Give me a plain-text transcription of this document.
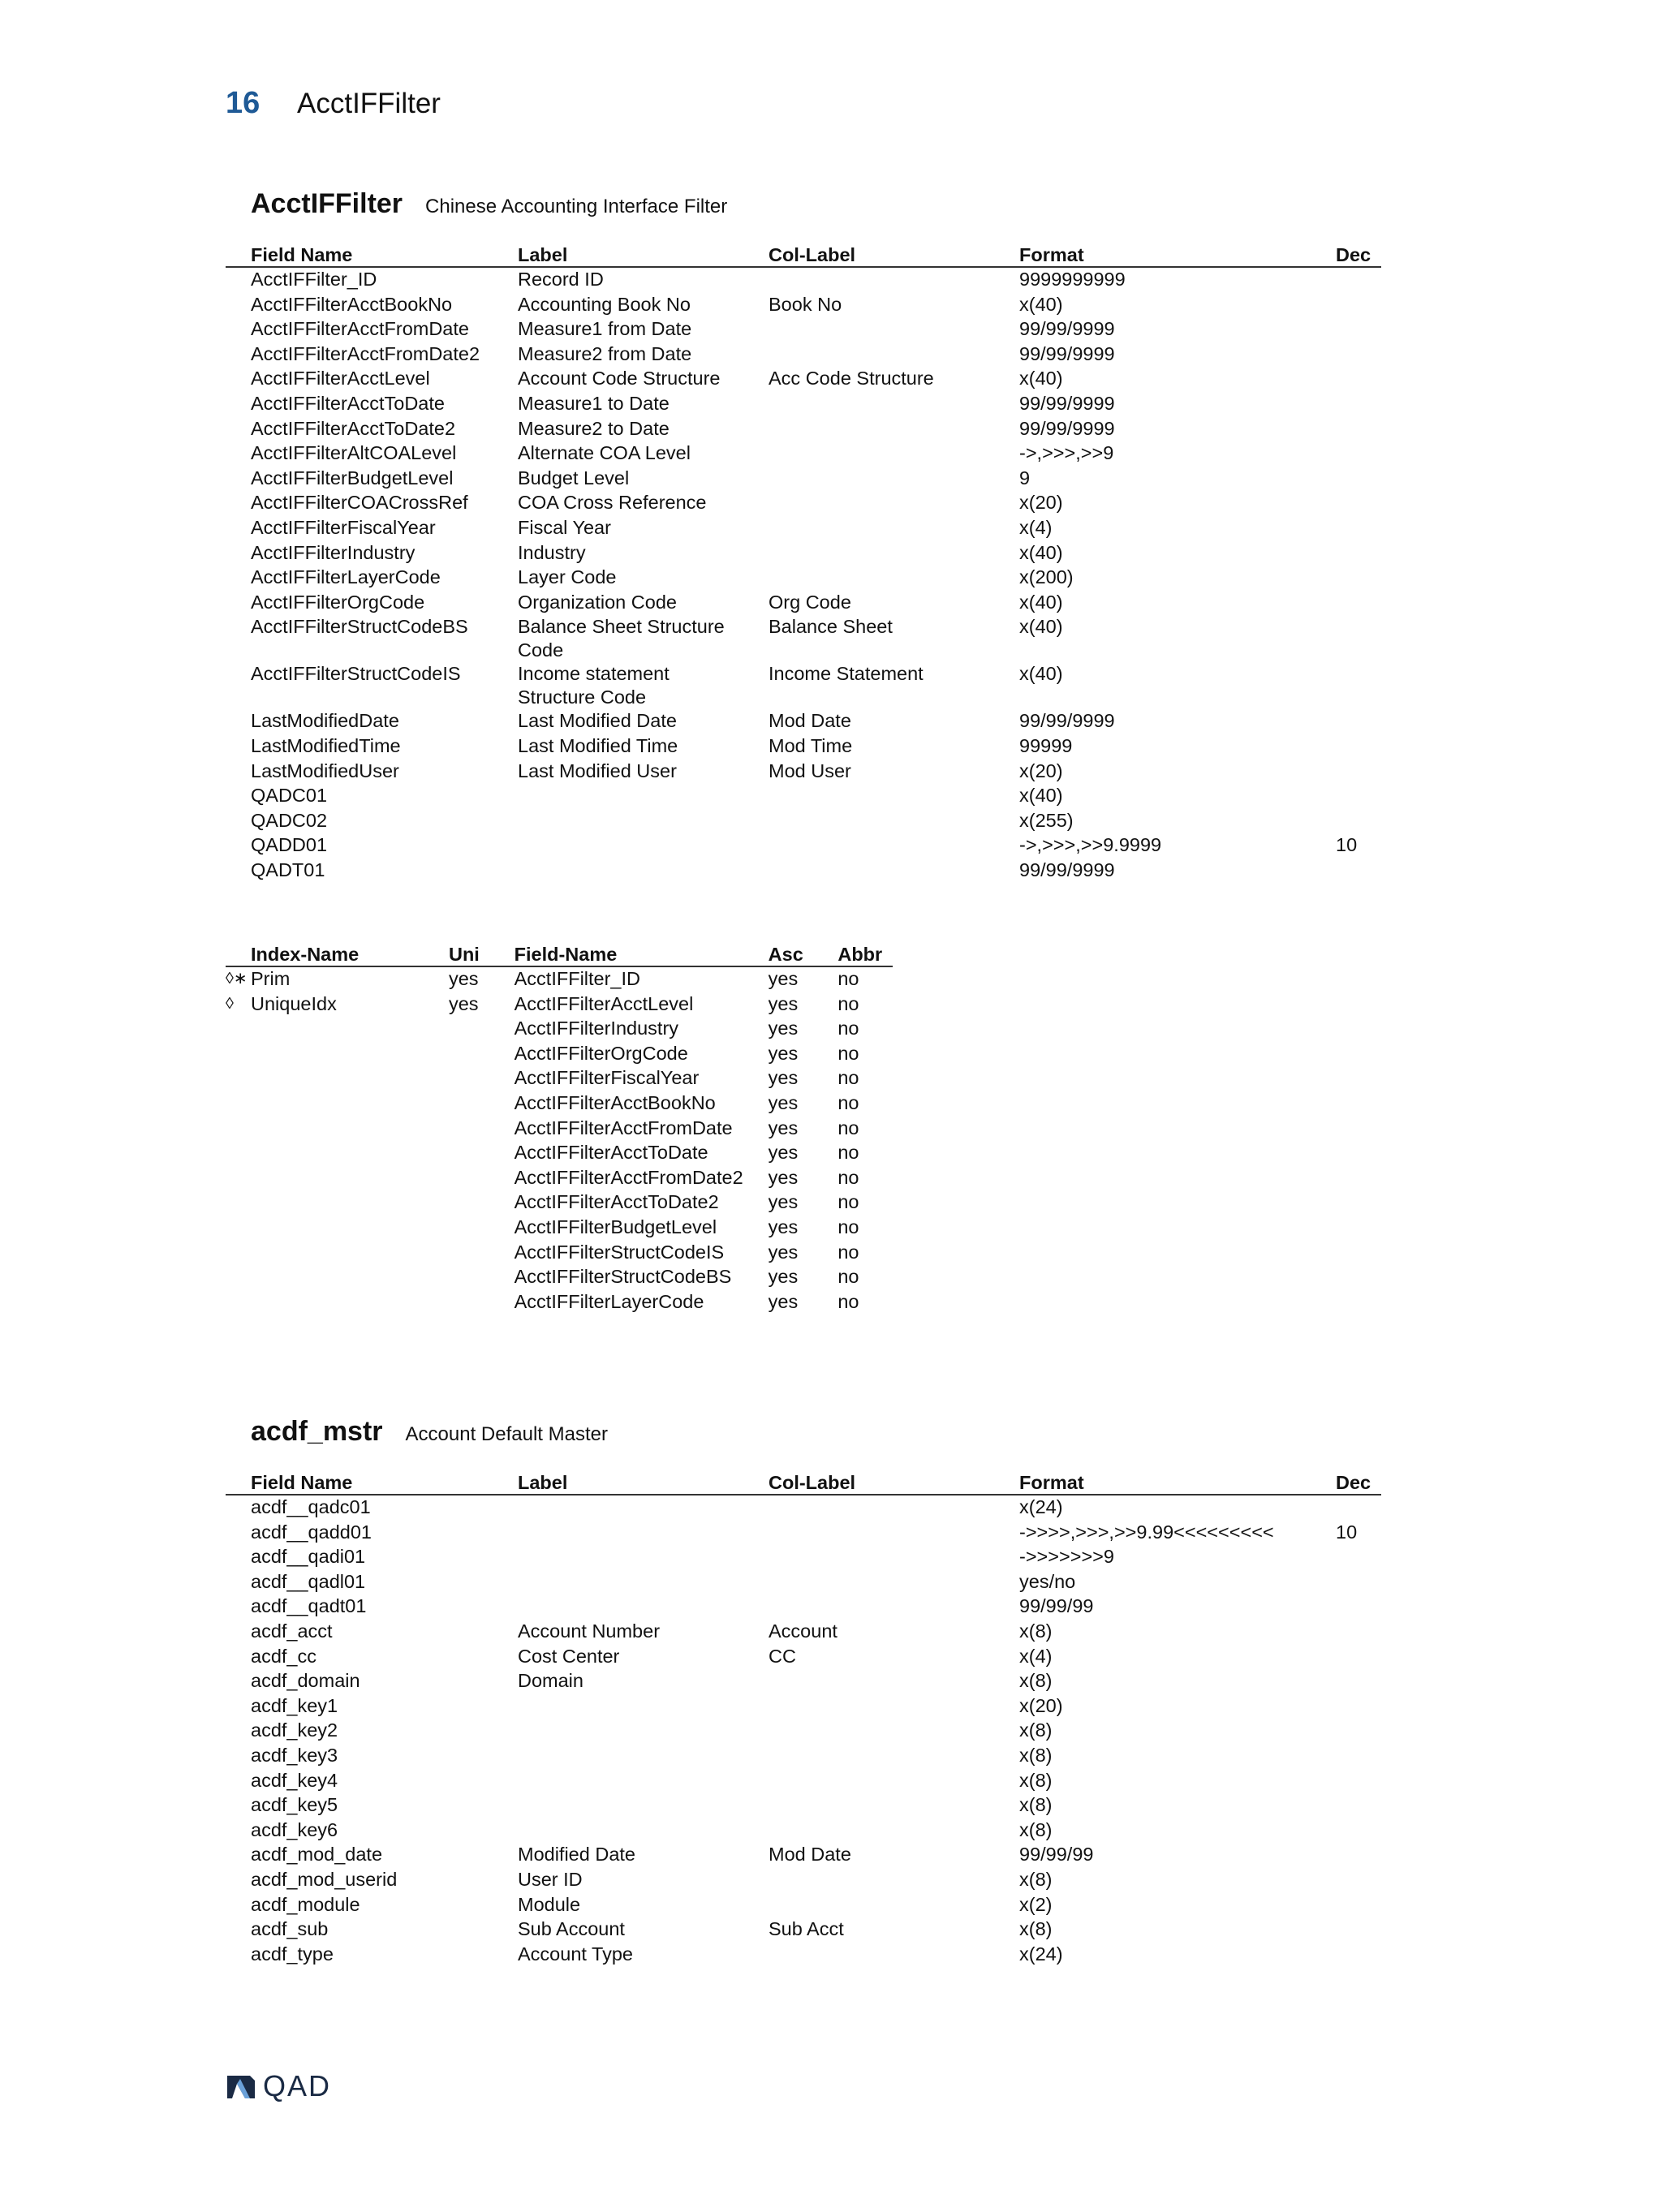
16	AcctIFFilter
AcctIFFilter Chinese Accounting Interface Filter
Field Name	Label	Col-Label	Format	Dec
AcctIFFilter_ID	Record ID		9999999999	
AcctIFFilterAcctBookNo	Accounting Book No	Book No	x(40)	
AcctIFFilterAcctFromDate	Measure1 from Date		99/99/9999	
AcctIFFilterAcctFromDate2	Measure2 from Date		99/99/9999	
AcctIFFilterAcctLevel	Account Code Structure	Acc Code Structure	x(40)	
AcctIFFilterAcctToDate	Measure1 to Date		99/99/9999	
AcctIFFilterAcctToDate2	Measure2 to Date		99/99/9999	
AcctIFFilterAltCOALevel	Alternate COA Level		->,>>>,>>9	
AcctIFFilterBudgetLevel	Budget Level		9	
AcctIFFilterCOACrossRef	COA Cross Reference		x(20)	
AcctIFFilterFiscalYear	Fiscal Year		x(4)	
AcctIFFilterIndustry	Industry		x(40)	
AcctIFFilterLayerCode	Layer Code		x(200)	
AcctIFFilterOrgCode	Organization Code	Org Code	x(40)	
AcctIFFilterStructCodeBS	Balance Sheet Structure Code	Balance Sheet	x(40)	
AcctIFFilterStructCodeIS	Income statement Structure Code	Income Statement	x(40)	
LastModifiedDate	Last Modified Date	Mod Date	99/99/9999	
LastModifiedTime	Last Modified Time	Mod Time	99999	
LastModifiedUser	Last Modified User	Mod User	x(20)	
QADC01			x(40)	
QADC02			x(255)	
QADD01			->,>>>,>>9.9999	10
QADT01			99/99/9999	
Index-Name	Uni	Field-Name	Asc	Abbr

◊∗ Prim	yes	AcctIFFilter_ID	yes	no

◊ UniqueIdx	yes	AcctIFFilterAcctLevel	yes	no

		AcctIFFilterIndustry	yes	no

		AcctIFFilterOrgCode	yes	no

		AcctIFFilterFiscalYear	yes	no

		AcctIFFilterAcctBookNo	yes	no

		AcctIFFilterAcctFromDate	yes	no

		AcctIFFilterAcctToDate	yes	no

		AcctIFFilterAcctFromDate2	yes	no

		AcctIFFilterAcctToDate2	yes	no

		AcctIFFilterBudgetLevel	yes	no

		AcctIFFilterStructCodeIS	yes	no

		AcctIFFilterStructCodeBS	yes	no

		AcctIFFilterLayerCode	yes	no
acdf_mstr Account Default Master
Field Name	Label	Col-Label	Format	Dec
acdf__qadc01			x(24)	
acdf__qadd01			->>>>,>>>,>>9.99<<<<<<<<<	10
acdf__qadi01			->>>>>>>9	
acdf__qadl01			yes/no	
acdf__qadt01			99/99/99	
acdf_acct	Account Number	Account	x(8)	
acdf_cc	Cost Center	CC	x(4)	
acdf_domain	Domain		x(8)	
acdf_key1			x(20)	
acdf_key2			x(8)	
acdf_key3			x(8)	
acdf_key4			x(8)	
acdf_key5			x(8)	
acdf_key6			x(8)	
acdf_mod_date	Modified Date	Mod Date	99/99/99	
acdf_mod_userid	User ID		x(8)	
acdf_module	Module		x(2)	
acdf_sub	Sub Account	Sub Acct	x(8)	
acdf_type	Account Type		x(24)	
QAD
